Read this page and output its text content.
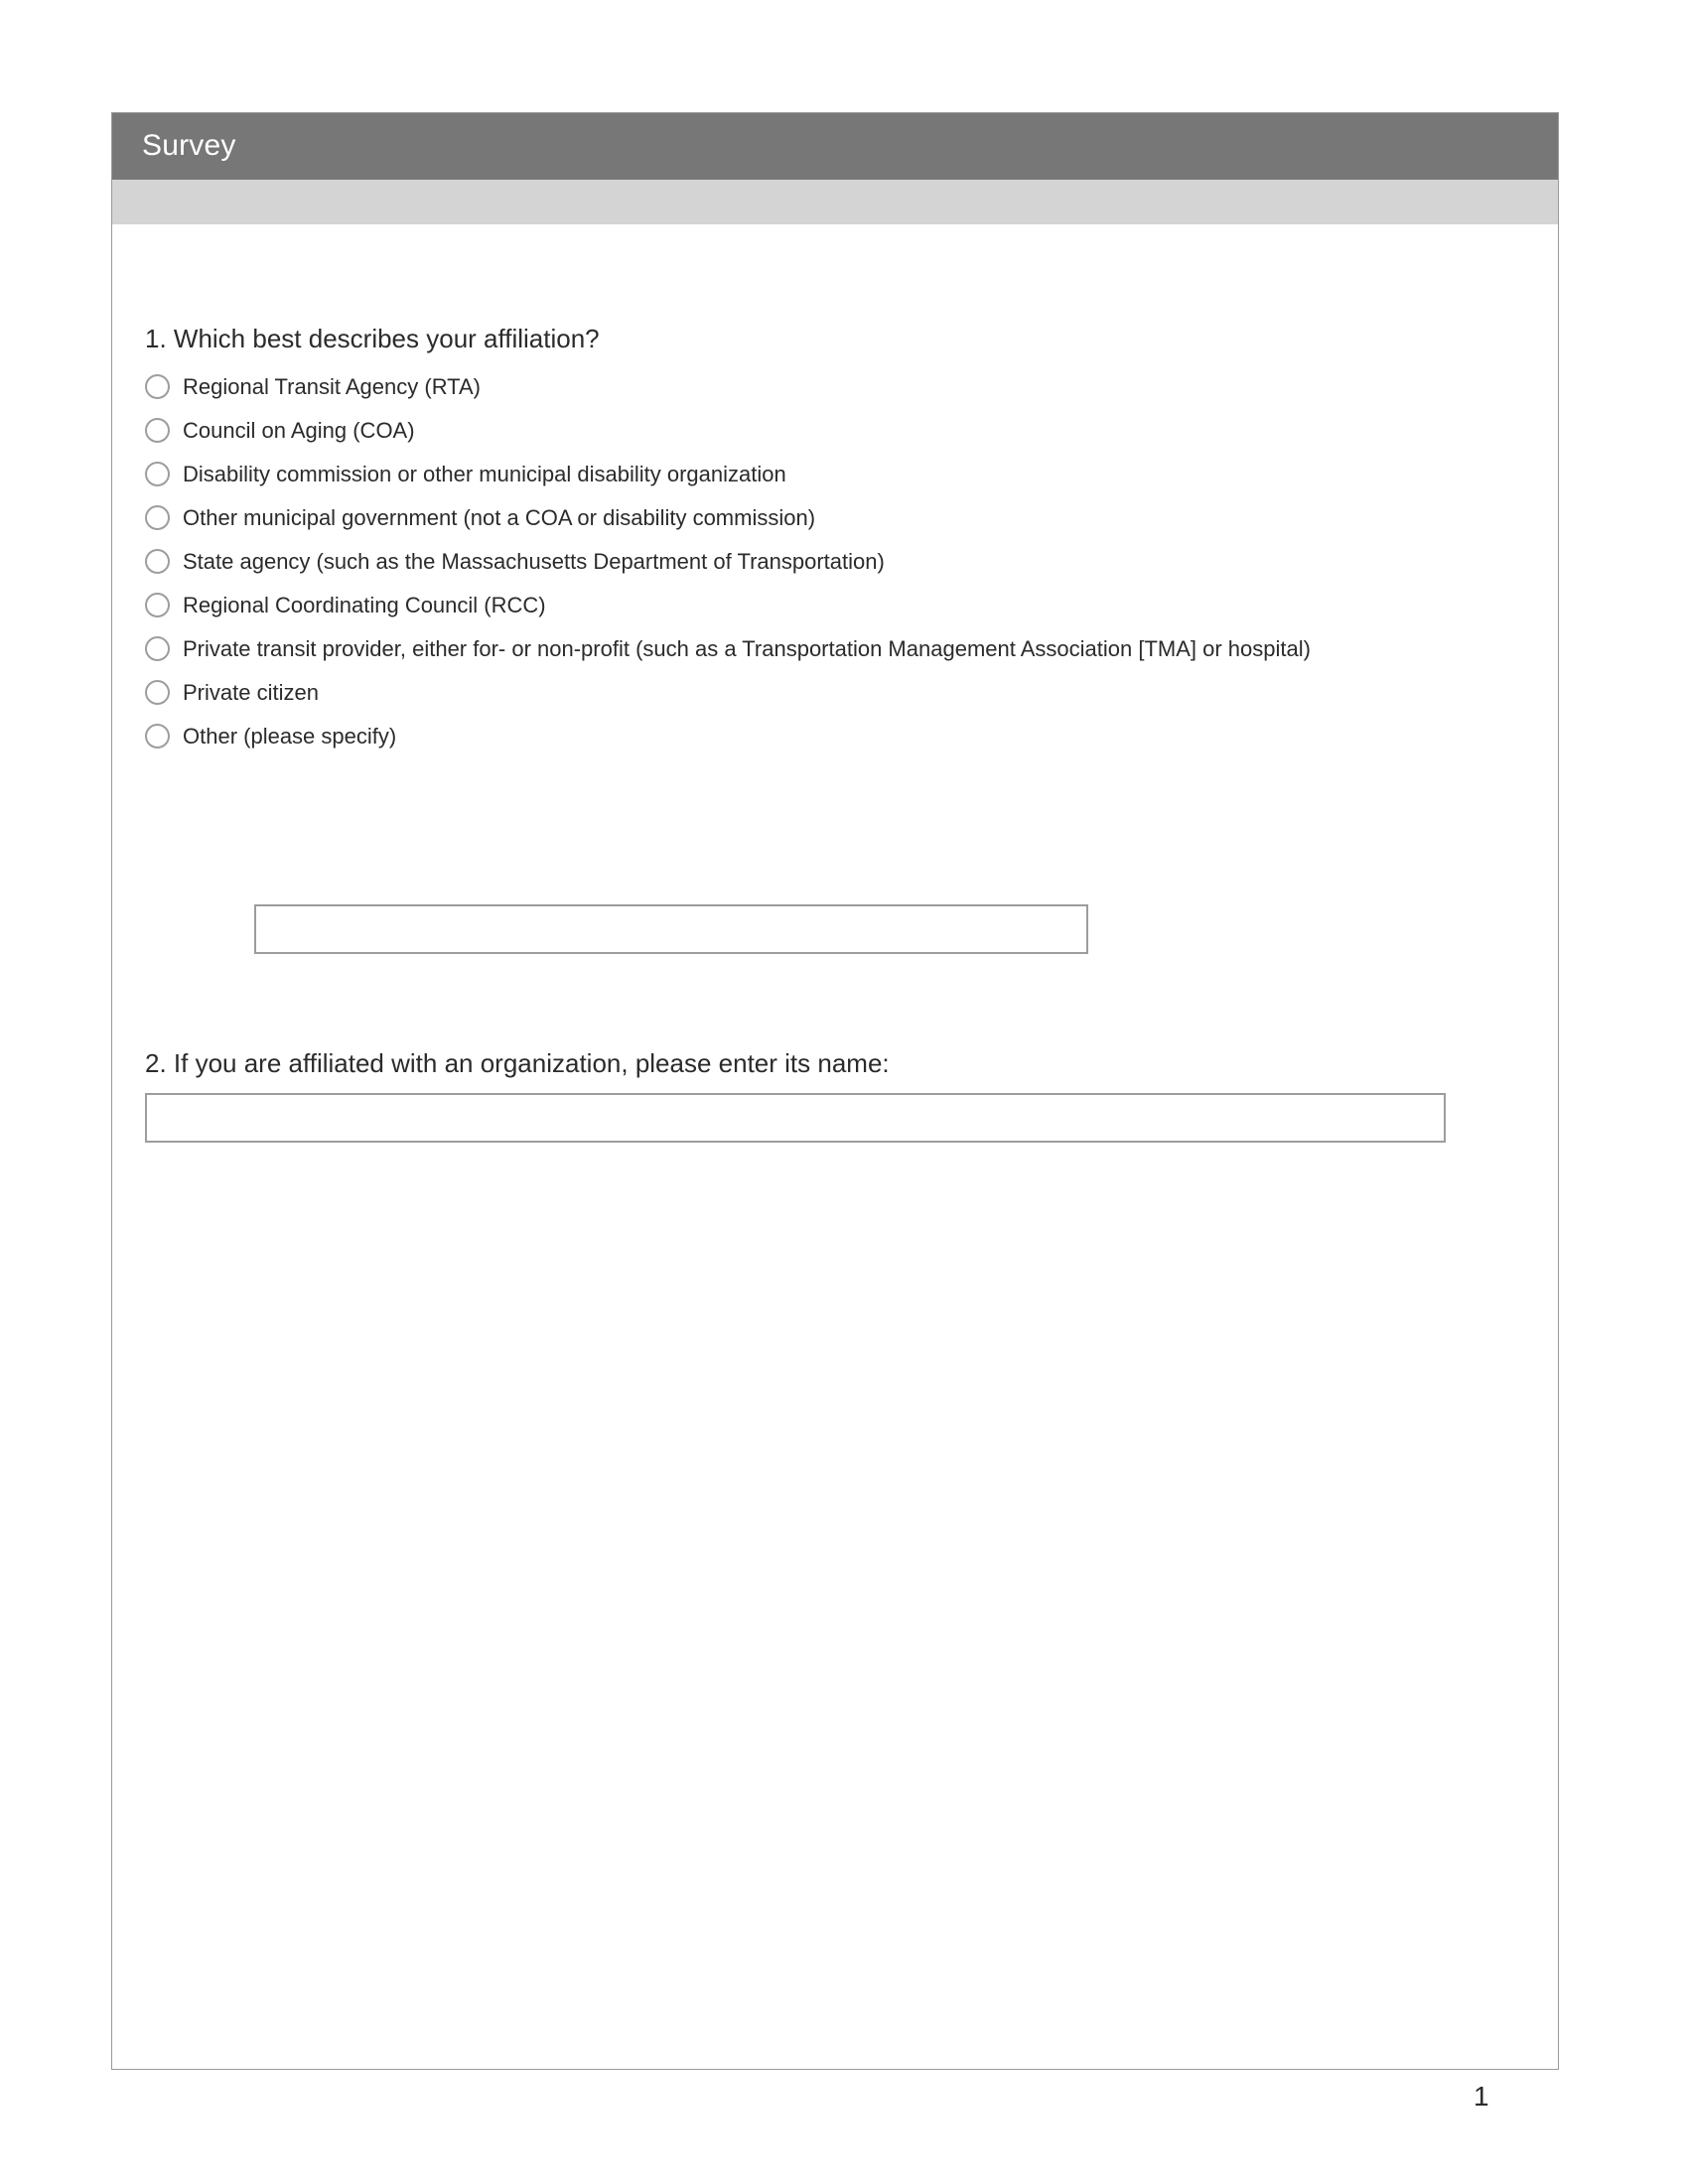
Survey
1. Which best describes your affiliation?
Regional Transit Agency (RTA)
Council on Aging (COA)
Disability commission or other municipal disability organization
Other municipal government (not a COA or disability commission)
State agency (such as the Massachusetts Department of Transportation)
Regional Coordinating Council (RCC)
Private transit provider, either for- or non-profit (such as a Transportation Management Association [TMA] or hospital)
Private citizen
Other (please specify)
2. If you are affiliated with an organization, please enter its name:
1
